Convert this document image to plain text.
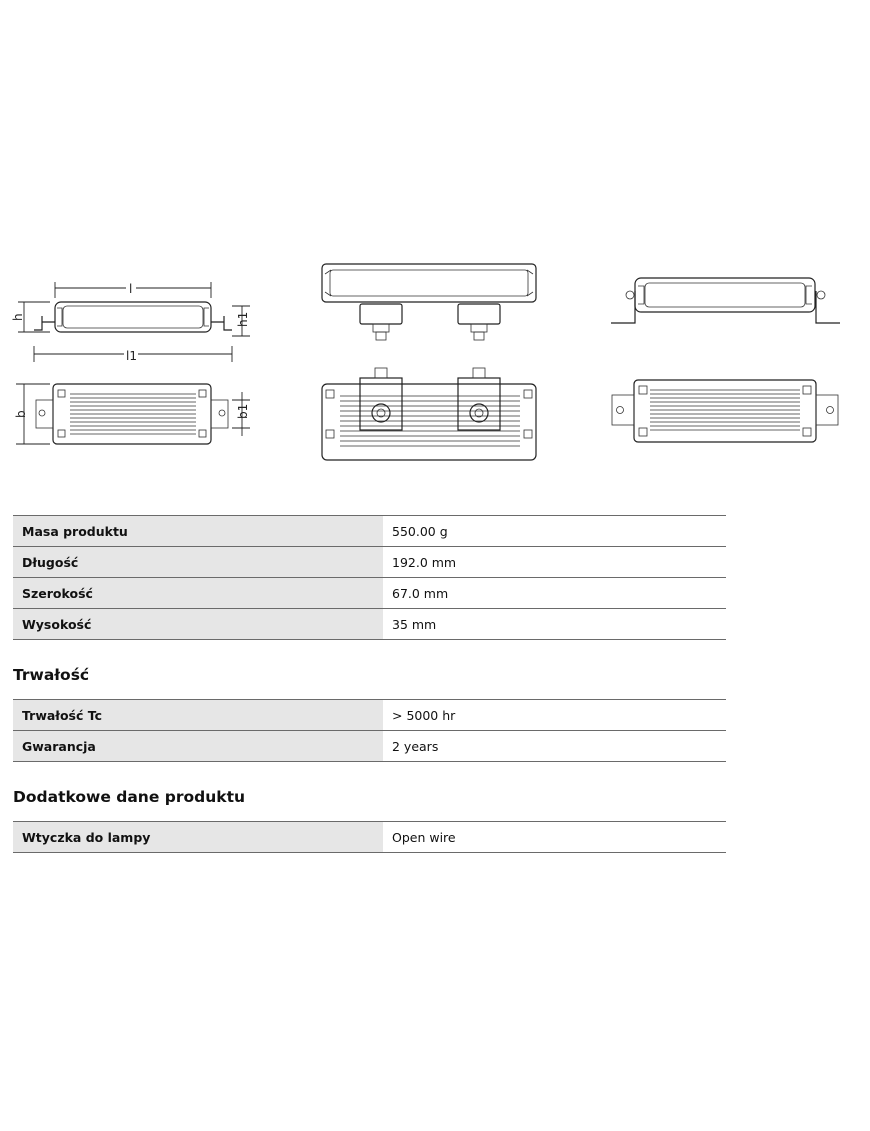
l
h	h1
l1
b	b1
Masa produktu	550.00 g
Długość	192.0 mm
Szerokość	67.0 mm
Wysokość	35 mm
Trwałość
Trwałość Tc	> 5000 hr
Gwarancja	2 years
Dodatkowe dane produktu
Wtyczka do lampy	Open wire
